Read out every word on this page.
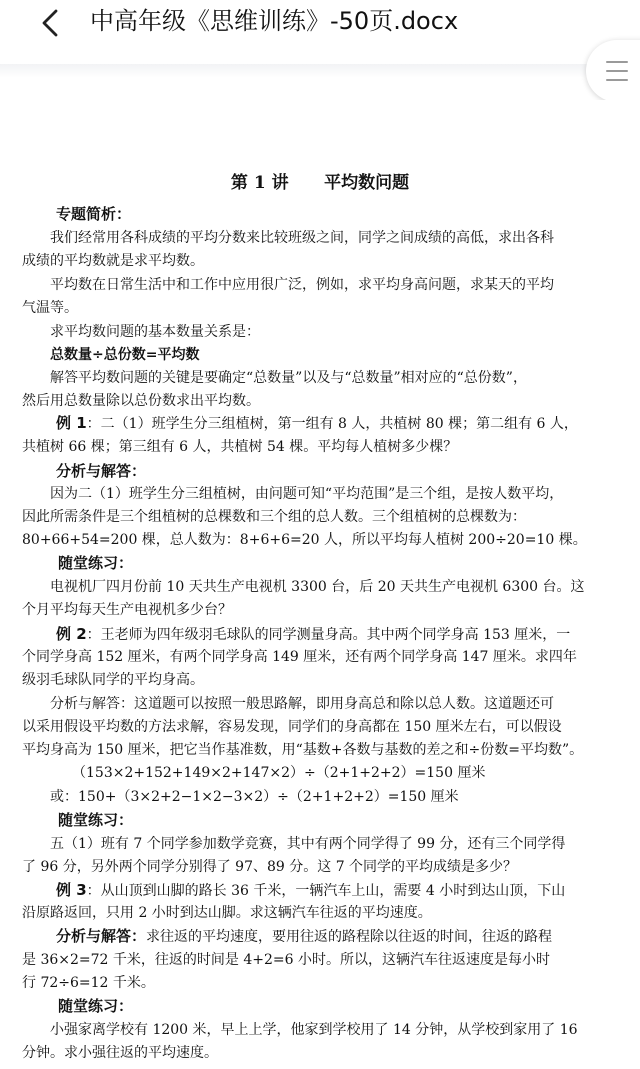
中高年级《思维训练》-50页.docx
第 1 讲      平均数问题
专题简析：
我们经常用各科成绩的平均分数来比较班级之间，同学之间成绩的高低，求出各科
成绩的平均数就是求平均数。
平均数在日常生活中和工作中应用很广泛，例如，求平均身高问题，求某天的平均
气温等。
求平均数问题的基本数量关系是：
总数量÷总份数=平均数
解答平均数问题的关键是要确定“总数量”以及与“总数量”相对应的“总份数”，
然后用总数量除以总份数求出平均数。
例 1：二（1）班学生分三组植树，第一组有 8 人，共植树 80 棵；第二组有 6 人，
共植树 66 棵；第三组有 6 人，共植树 54 棵。平均每人植树多少棵？
分析与解答：
因为二（1）班学生分三组植树，由问题可知“平均范围”是三个组，是按人数平均，
因此所需条件是三个组植树的总棵数和三个组的总人数。三个组植树的总棵数为：
80+66+54=200 棵，总人数为：8+6+6=20 人，所以平均每人植树 200÷20=10 棵。
随堂练习：
电视机厂四月份前 10 天共生产电视机 3300 台，后 20 天共生产电视机 6300 台。这
个月平均每天生产电视机多少台？
例 2：王老师为四年级羽毛球队的同学测量身高。其中两个同学身高 153 厘米，一
个同学身高 152 厘米，有两个同学身高 149 厘米，还有两个同学身高 147 厘米。求四年
级羽毛球队同学的平均身高。
分析与解答：这道题可以按照一般思路解，即用身高总和除以总人数。这道题还可
以采用假设平均数的方法求解，容易发现，同学们的身高都在 150 厘米左右，可以假设
平均身高为 150 厘米，把它当作基准数，用“基数+各数与基数的差之和÷份数=平均数”。
（153×2+152+149×2+147×2）÷（2+1+2+2）=150 厘米
或：150+（3×2+2−1×2−3×2）÷（2+1+2+2）=150 厘米
随堂练习：
五（1）班有 7 个同学参加数学竞赛，其中有两个同学得了 99 分，还有三个同学得
了 96 分，另外两个同学分别得了 97、89 分。这 7 个同学的平均成绩是多少？
例 3：从山顶到山脚的路长 36 千米，一辆汽车上山，需要 4 小时到达山顶，下山
沿原路返回，只用 2 小时到达山脚。求这辆汽车往返的平均速度。
分析与解答：求往返的平均速度，要用往返的路程除以往返的时间，往返的路程
是 36×2=72 千米，往返的时间是 4+2=6 小时。所以，这辆汽车往返速度是每小时
行 72÷6=12 千米。
随堂练习：
小强家离学校有 1200 米，早上上学，他家到学校用了 14 分钟，从学校到家用了 16
分钟。求小强往返的平均速度。
